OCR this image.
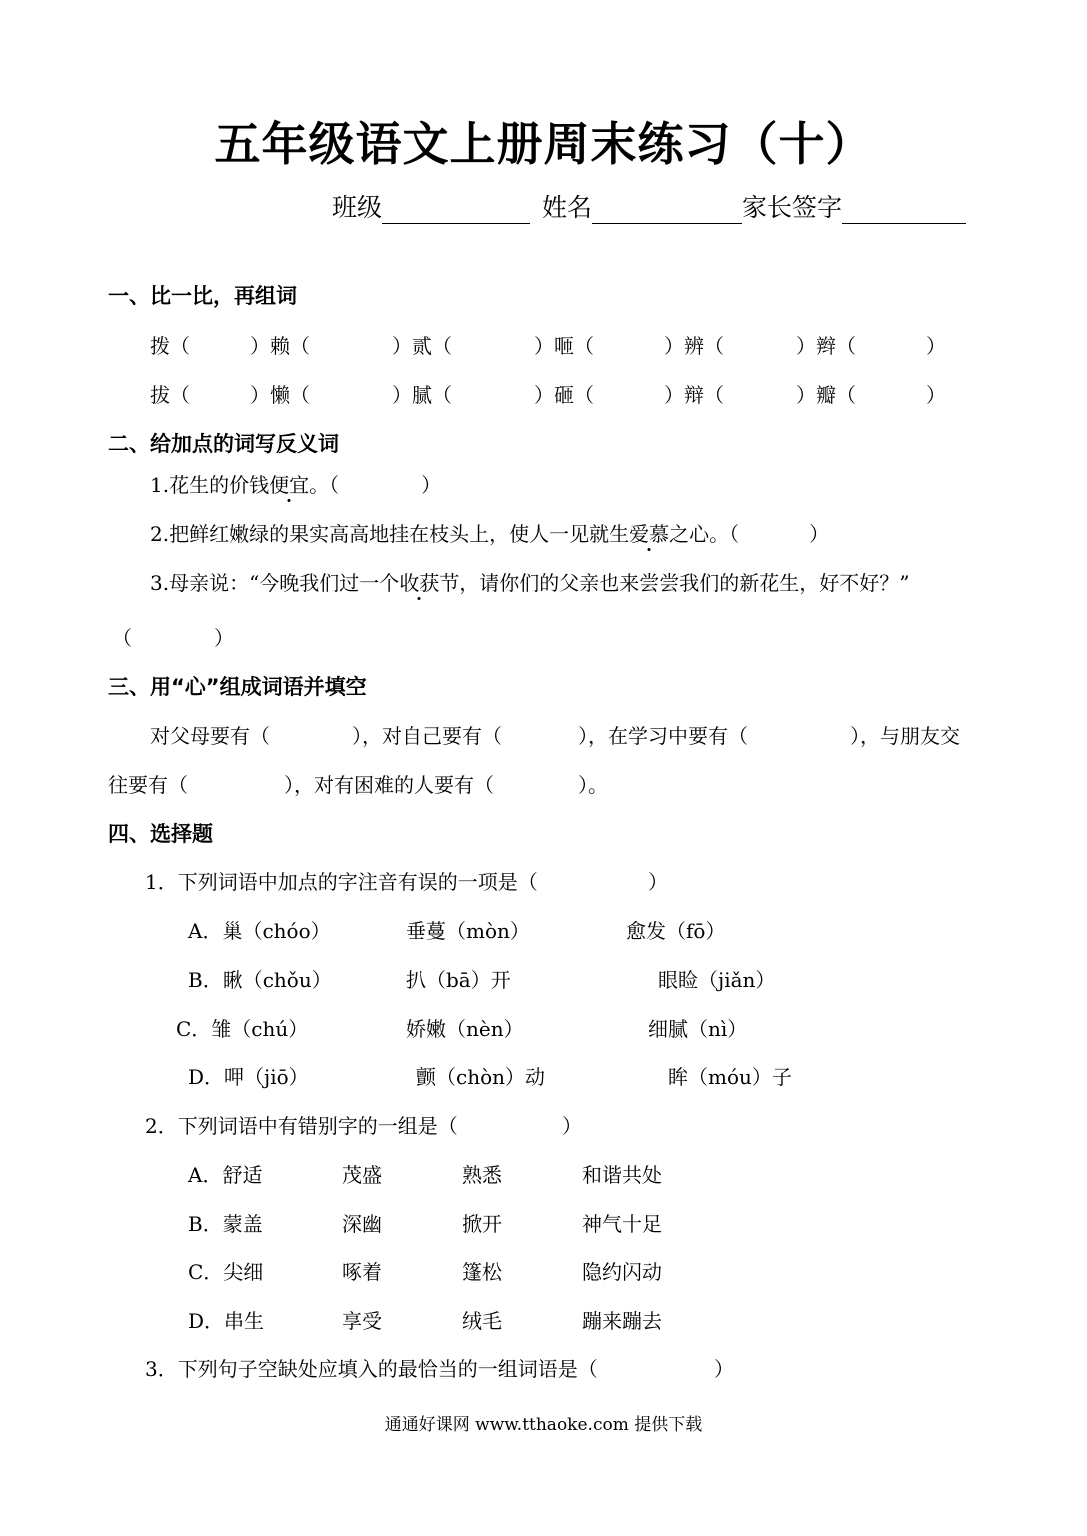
五年级语文上册周末练习（十）
班级	姓名	家长签字
一、比一比，再组词
拨（	）赖（	）贰（	）咂（	）辨（	）辫（	）
拔（	）懒（	）腻（	）砸（	）辩（	）瓣（	）
二、给加点的词写反义词
1.花生的价钱便宜。（	）
2.把鲜红嫩绿的果实高高地挂在枝头上，使人一见就生爱慕之心。（	）
3.母亲说：“今晚我们过一个收获节，请你们的父亲也来尝尝我们的新花生，好不好？”
（	）
三、用“心”组成词语并填空
对父母要有（	），对自己要有（	），在学习中要有（	），与朋友交
往要有（	），对有困难的人要有（	）。
四、选择题
1．下列词语中加点的字注音有误的一项是（	）
A．巢（chóo）	垂蔓（mòn）	愈发（fō）
B．瞅（chǒu）	扒（bā）开	眼睑（jiǎn）
C．雏（chú）	娇嫩（nèn）	细腻（nì）
D．呷（jiō）	颤（chòn）动	眸（móu）子
2．下列词语中有错别字的一组是（	）
A．舒适	茂盛	熟悉	和谐共处
B．蒙盖	深幽	掀开	神气十足
C．尖细	啄着	篷松	隐约闪动
D．串生	享受	绒毛	蹦来蹦去
3．下列句子空缺处应填入的最恰当的一组词语是（	）
通通好课网 www.tthaoke.com 提供下载
